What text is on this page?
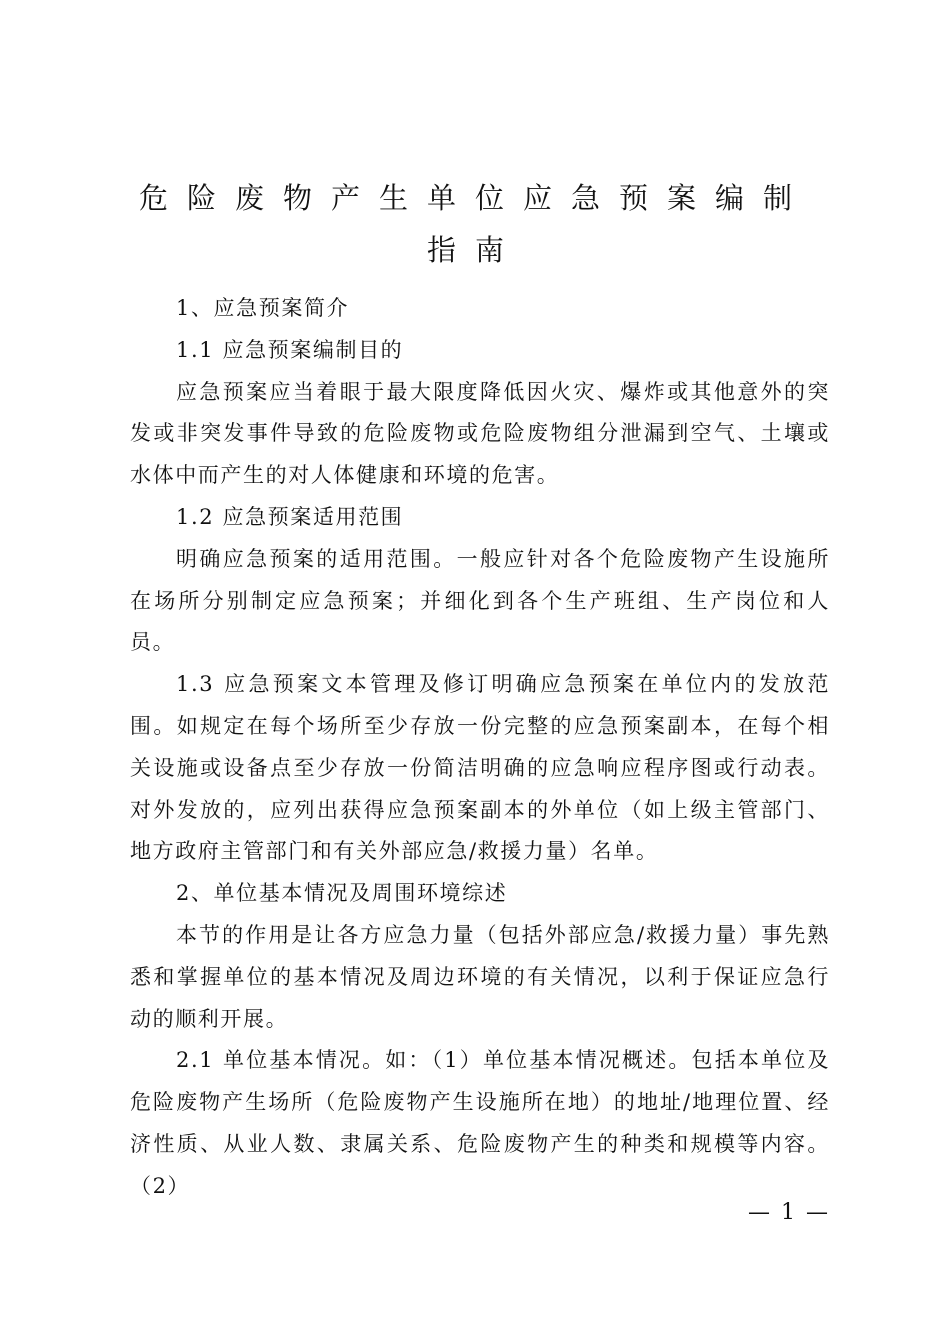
危险废物产生单位应急预案编制
指南

1、应急预案简介

1.1 应急预案编制目的

应急预案应当着眼于最大限度降低因火灾、爆炸或其他意外的突发或非突发事件导致的危险废物或危险废物组分泄漏到空气、土壤或水体中而产生的对人体健康和环境的危害。

1.2 应急预案适用范围

明确应急预案的适用范围。一般应针对各个危险废物产生设施所在场所分别制定应急预案；并细化到各个生产班组、生产岗位和人员。

1.3 应急预案文本管理及修订明确应急预案在单位内的发放范围。如规定在每个场所至少存放一份完整的应急预案副本，在每个相关设施或设备点至少存放一份简洁明确的应急响应程序图或行动表。对外发放的，应列出获得应急预案副本的外单位（如上级主管部门、地方政府主管部门和有关外部应急/救援力量）名单。

2、单位基本情况及周围环境综述

本节的作用是让各方应急力量（包括外部应急/救援力量）事先熟悉和掌握单位的基本情况及周边环境的有关情况，以利于保证应急行动的顺利开展。

2.1 单位基本情况。如：（1）单位基本情况概述。包括本单位及危险废物产生场所（危险废物产生设施所在地）的地址/地理位置、经济性质、从业人数、隶属关系、危险废物产生的种类和规模等内容。（2）

— 1 —
